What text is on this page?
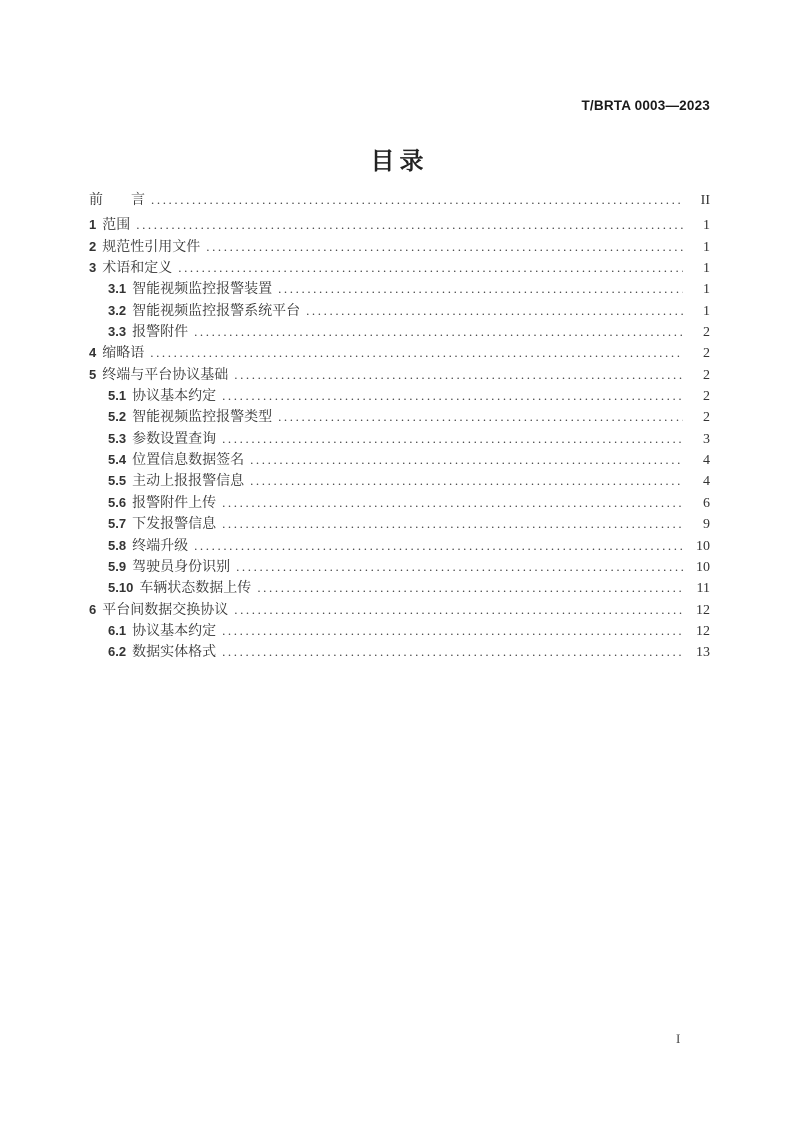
T/BRTA 0003—2023
目录
前　　言 .....	II
1 范围 .....	1
2 规范性引用文件 .....	1
3 术语和定义 .....	1
3.1 智能视频监控报警装置 .....	1
3.2 智能视频监控报警系统平台 .....	1
3.3 报警附件 .....	2
4 缩略语 .....	2
5 终端与平台协议基础 .....	2
5.1 协议基本约定 .....	2
5.2 智能视频监控报警类型 .....	2
5.3 参数设置查询 .....	3
5.4 位置信息数据签名 .....	4
5.5 主动上报报警信息 .....	4
5.6 报警附件上传 .....	6
5.7 下发报警信息 .....	9
5.8 终端升级 .....	10
5.9 驾驶员身份识别 .....	10
5.10 车辆状态数据上传 .....	11
6 平台间数据交换协议 .....	12
6.1 协议基本约定 .....	12
6.2 数据实体格式 .....	13
I
